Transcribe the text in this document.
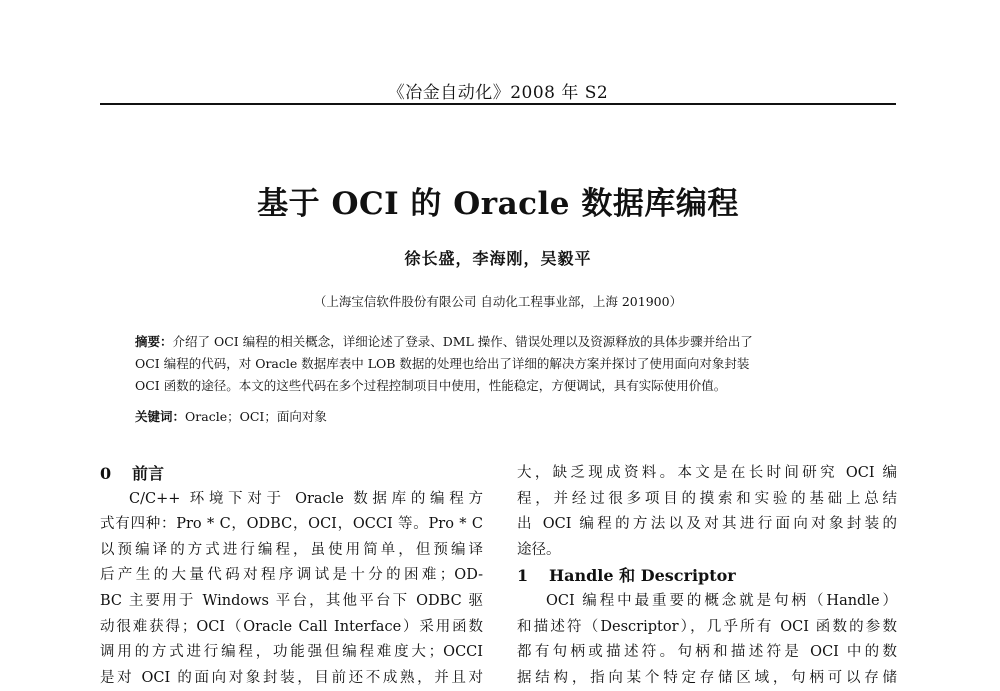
《冶金自动化》2008 年 S2
基于 OCI 的 Oracle 数据库编程
徐长盛，李海刚，吴毅平
（上海宝信软件股份有限公司 自动化工程事业部，上海 201900）
摘要：介绍了 OCI 编程的相关概念，详细论述了登录、DML 操作、错误处理以及资源释放的具体步骤并给出了
OCI 编程的代码，对 Oracle 数据库表中 LOB 数据的处理也给出了详细的解决方案并探讨了使用面向对象封装
OCI 函数的途径。本文的这些代码在多个过程控制项目中使用，性能稳定，方便调试，具有实际使用价值。
关键词：Oracle；OCI；面向对象
0 前言
C/C++ 环境下对于 Oracle 数据库的编程方
式有四种：Pro * C，ODBC，OCI，OCCI 等。Pro * C
以预编译的方式进行编程，虽使用简单，但预编译
后产生的大量代码对程序调试是十分的困难；OD-
BC 主要用于 Windows 平台，其他平台下 ODBC 驱
动很难获得；OCI（Oracle Call Interface）采用函数
调用的方式进行编程，功能强但编程难度大；OCCI
是对 OCI 的面向对象封装，目前还不成熟，并且对
大，缺乏现成资料。本文是在长时间研究 OCI 编
程，并经过很多项目的摸索和实验的基础上总结
出 OCI 编程的方法以及对其进行面向对象封装的
途径。
1 Handle 和 Descriptor
OCI 编程中最重要的概念就是句柄（Handle）
和描述符（Descriptor），几乎所有 OCI 函数的参数
都有句柄或描述符。句柄和描述符是 OCI 中的数
据结构，指向某个特定存储区域，句柄可以存储
